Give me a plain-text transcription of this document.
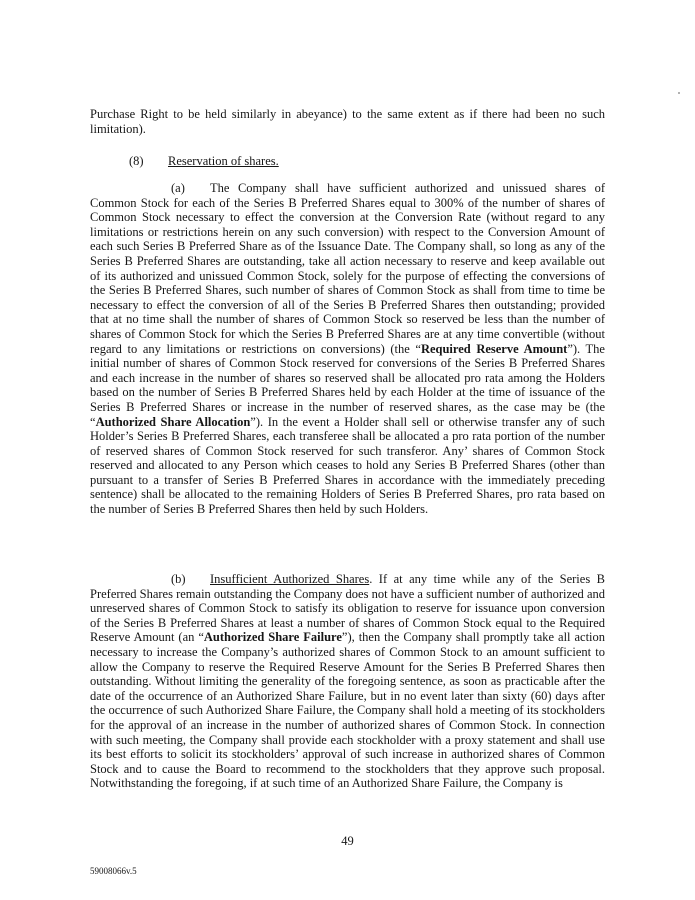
Purchase Right to be held similarly in abeyance) to the same extent as if there had been no such limitation).

(8) Reservation of shares.

(a) The Company shall have sufficient authorized and unissued shares of Common Stock for each of the Series B Preferred Shares equal to 300% of the number of shares of Common Stock necessary to effect the conversion at the Conversion Rate (without regard to any limitations or restrictions herein on any such conversion) with respect to the Conversion Amount of each such Series B Preferred Share as of the Issuance Date. The Company shall, so long as any of the Series B Preferred Shares are outstanding, take all action necessary to reserve and keep available out of its authorized and unissued Common Stock, solely for the purpose of effecting the conversions of the Series B Preferred Shares, such number of shares of Common Stock as shall from time to time be necessary to effect the conversion of all of the Series B Preferred Shares then outstanding; provided that at no time shall the number of shares of Common Stock so reserved be less than the number of shares of Common Stock for which the Series B Preferred Shares are at any time convertible (without regard to any limitations or restrictions on conversions) (the “Required Reserve Amount”). The initial number of shares of Common Stock reserved for conversions of the Series B Preferred Shares and each increase in the number of shares so reserved shall be allocated pro rata among the Holders based on the number of Series B Preferred Shares held by each Holder at the time of issuance of the Series B Preferred Shares or increase in the number of reserved shares, as the case may be (the “Authorized Share Allocation”). In the event a Holder shall sell or otherwise transfer any of such Holder’s Series B Preferred Shares, each transferee shall be allocated a pro rata portion of the number of reserved shares of Common Stock reserved for such transferor. Any’ shares of Common Stock reserved and allocated to any Person which ceases to hold any Series B Preferred Shares (other than pursuant to a transfer of Series B Preferred Shares in accordance with the immediately preceding sentence) shall be allocated to the remaining Holders of Series B Preferred Shares, pro rata based on the number of Series B Preferred Shares then held by such Holders.

(b) Insufficient Authorized Shares. If at any time while any of the Series B Preferred Shares remain outstanding the Company does not have a sufficient number of authorized and unreserved shares of Common Stock to satisfy its obligation to reserve for issuance upon conversion of the Series B Preferred Shares at least a number of shares of Common Stock equal to the Required Reserve Amount (an “Authorized Share Failure”), then the Company shall promptly take all action necessary to increase the Company’s authorized shares of Common Stock to an amount sufficient to allow the Company to reserve the Required Reserve Amount for the Series B Preferred Shares then outstanding. Without limiting the generality of the foregoing sentence, as soon as practicable after the date of the occurrence of an Authorized Share Failure, but in no event later than sixty (60) days after the occurrence of such Authorized Share Failure, the Company shall hold a meeting of its stockholders for the approval of an increase in the number of authorized shares of Common Stock. In connection with such meeting, the Company shall provide each stockholder with a proxy statement and shall use its best efforts to solicit its stockholders’ approval of such increase in authorized shares of Common Stock and to cause the Board to recommend to the stockholders that they approve such proposal. Notwithstanding the foregoing, if at such time of an Authorized Share Failure, the Company is

49
59008066v.5
